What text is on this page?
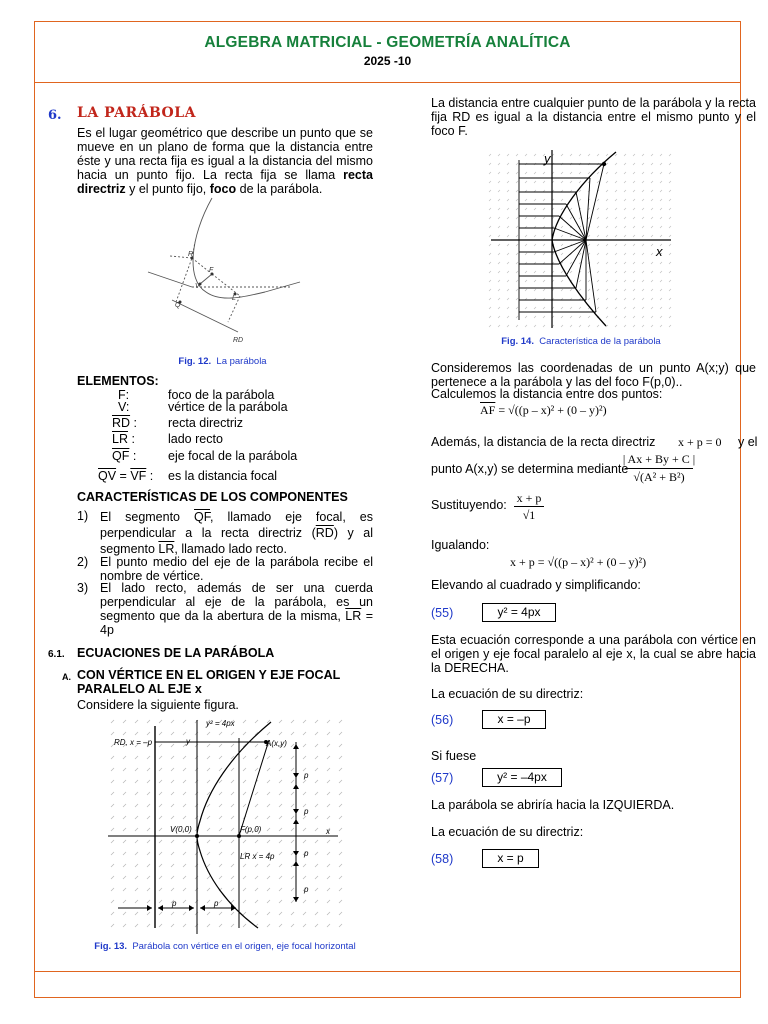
ALGEBRA MATRICIAL - GEOMETRÍA ANALÍTICA
2025 -10
6. LA PARÁBOLA
Es el lugar geométrico que describe un punto que se mueve en un plano de forma que la distancia entre éste y una recta fija es igual a la distancia del mismo hacia un punto fijo. La recta fija se llama recta directriz y el punto fijo, foco de la parábola.
R
F
V
Q
L
RD
Fig. 12. La parábola
ELEMENTOS:
F:	foco de la parábola
V:	vértice de la parábola
$\overline{RD}$ : recta directriz
$\overline{LR}$ :	lado recto
$\overline{QF}$ :	eje focal de la parábola
$\overline{QV} = \overline{VF}$ : es la distancia focal
CARACTERÍSTICAS DE LOS COMPONENTES
1) El segmento $\overline{QF}$, llamado eje focal, es perpendicular a la recta directriz $(\overline{RD})$ y al segmento $\overline{LR}$, llamado lado recto.
2) El punto medio del eje de la parábola recibe el nombre de vértice.
3) El lado recto, además de ser una cuerda perpendicular al eje de la parábola, es un segmento que da la abertura de la misma, $\overline{LR} = 4p$
6.1. ECUACIONES DE LA PARÁBOLA
A. CON VÉRTICE EN EL ORIGEN Y EJE FOCAL PARALELO AL EJE x
Considere la siguiente figura.
y² = 4px
RD, x = –p	y	A(x,y)
V(0,0)	F(p,0)
LR x = 4p
x
p
p
p
p
p	p
Fig. 13. Parábola con vértice en el origen, eje focal horizontal
La distancia entre cualquier punto de la parábola y la recta fija RD es igual a la distancia entre el mismo punto y el foco F.
y
x
Fig. 14. Característica de la parábola
Consideremos las coordenadas de un punto A(x;y) que pertenece a la parábola y las del foco F(p,0)..
Calculemos la distancia entre dos puntos:
$\overline{AF} = √((p - x)^2 + (0 - y)^2)$
Además, la distancia de la recta directriz x + p = 0 y el
punto A(x,y) se determina mediante
| Ax + By + C |
√(A² + B²)
Sustituyendo: x + p
√1
Igualando:
x + p = √((p – x)² + (0 – y)²)
Elevando al cuadrado y simplificando:
(55)	y² = 4px
Esta ecuación corresponde a una parábola con vértice en el origen y eje focal paralelo al eje x, la cual se abre hacia la DERECHA.
La ecuación de su directriz:
(56)	x = –p
Si fuese
(57)	y² = –4px
La parábola se abriría hacia la IZQUIERDA.
La ecuación de su directriz:
(58)	x = p
